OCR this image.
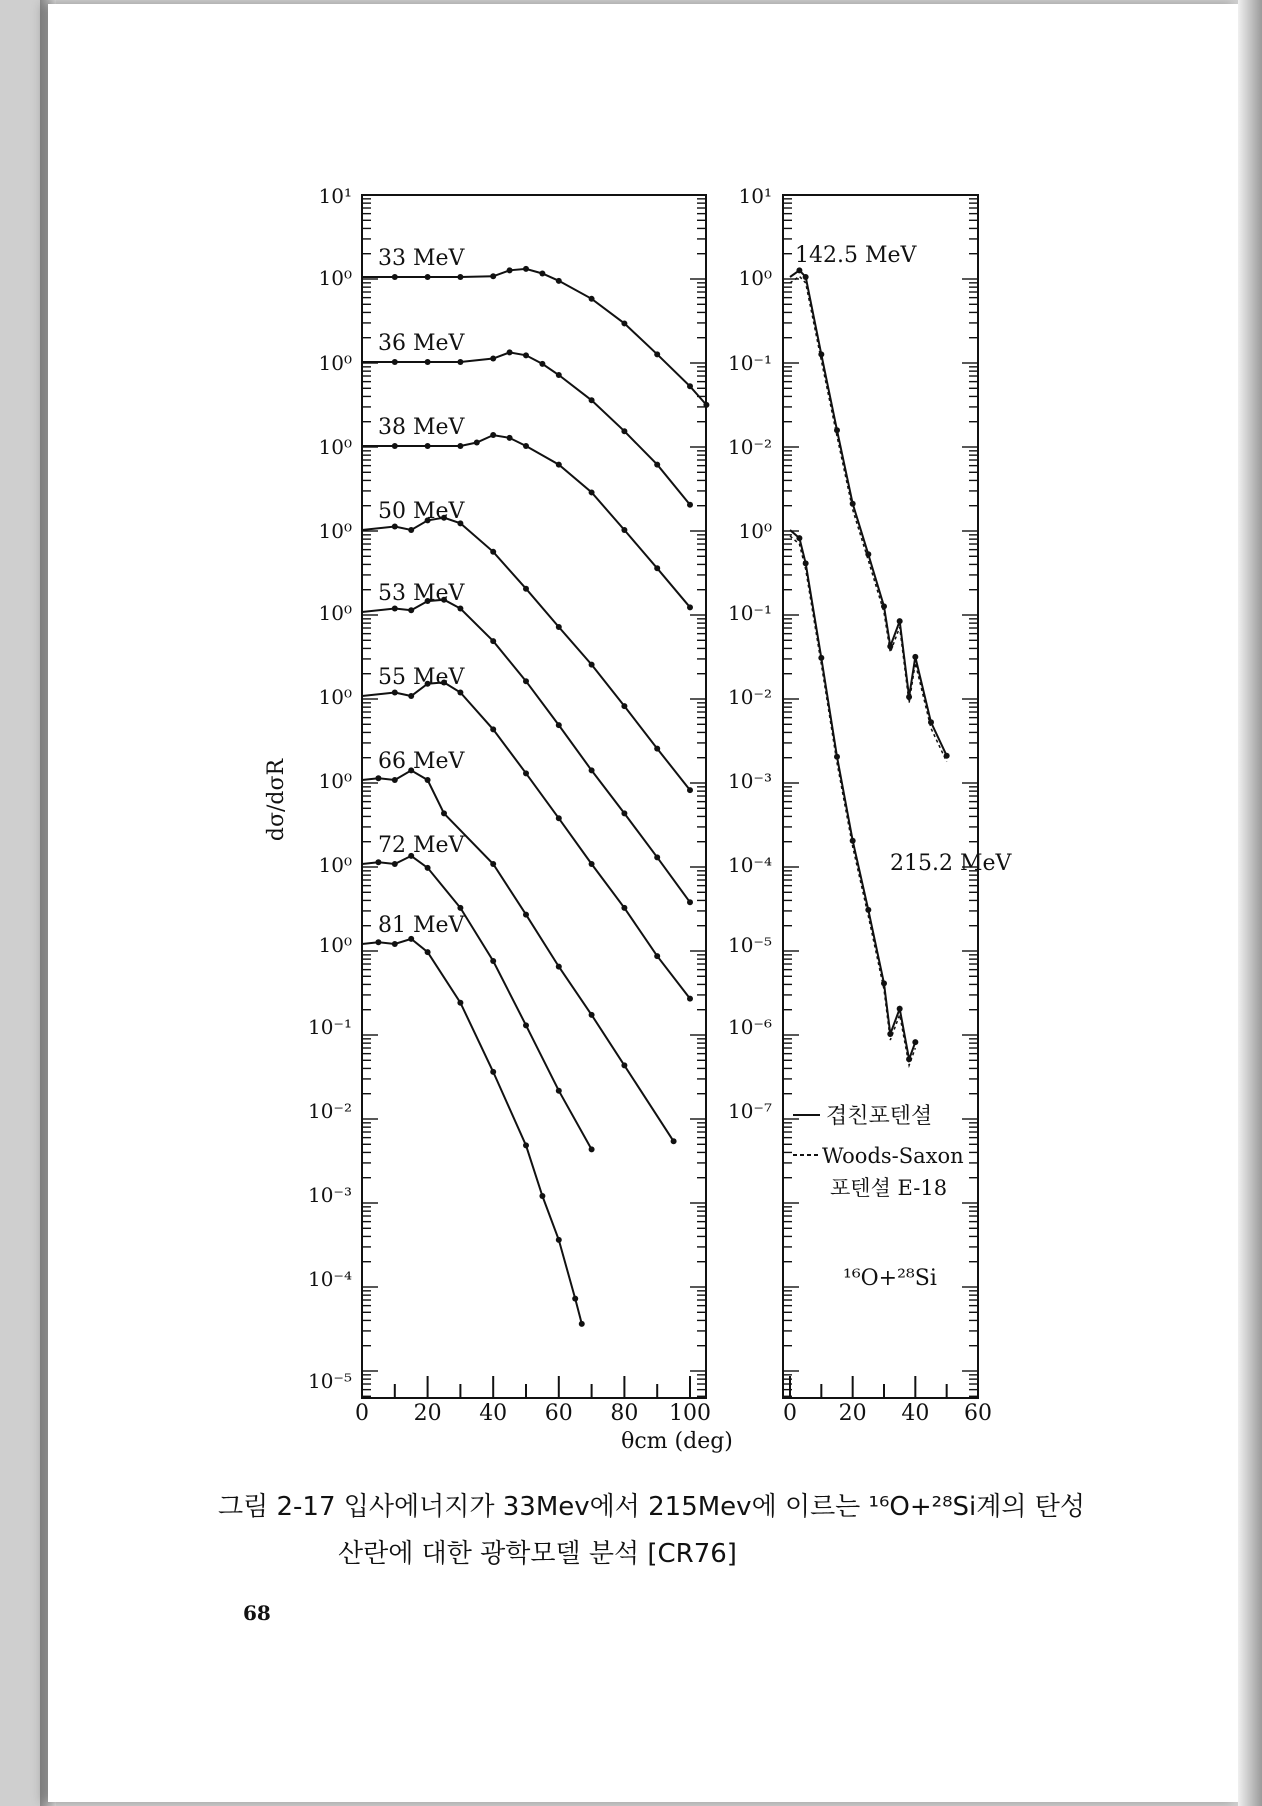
10¹
10⁰
10⁰
10⁰
10⁰
10⁰
10⁰
10⁰
10⁰
10⁰
10⁻¹
10⁻²
10⁻³
10⁻⁴
10⁻⁵
10¹
10⁰
10⁻¹
10⁻²
10⁰
10⁻¹
10⁻²
10⁻³
10⁻⁴
10⁻⁵
10⁻⁶
10⁻⁷
0 20 40 60 80 100	0 20 40 60
33 MeV
36 MeV
38 MeV
50 MeV
53 MeV
55 MeV
66 MeV
72 MeV
81 MeV
142.5 MeV
215.2 MeV
dσ/dσR
θcm (deg)
겹친포텐셜
Woods-Saxon
포텐셜 E-18
¹⁶O+²⁸Si
그림 2-17 입사에너지가 33Mev에서 215Mev에 이르는 ¹⁶O+²⁸Si계의 탄성
산란에 대한 광학모델 분석 [CR76]
68
